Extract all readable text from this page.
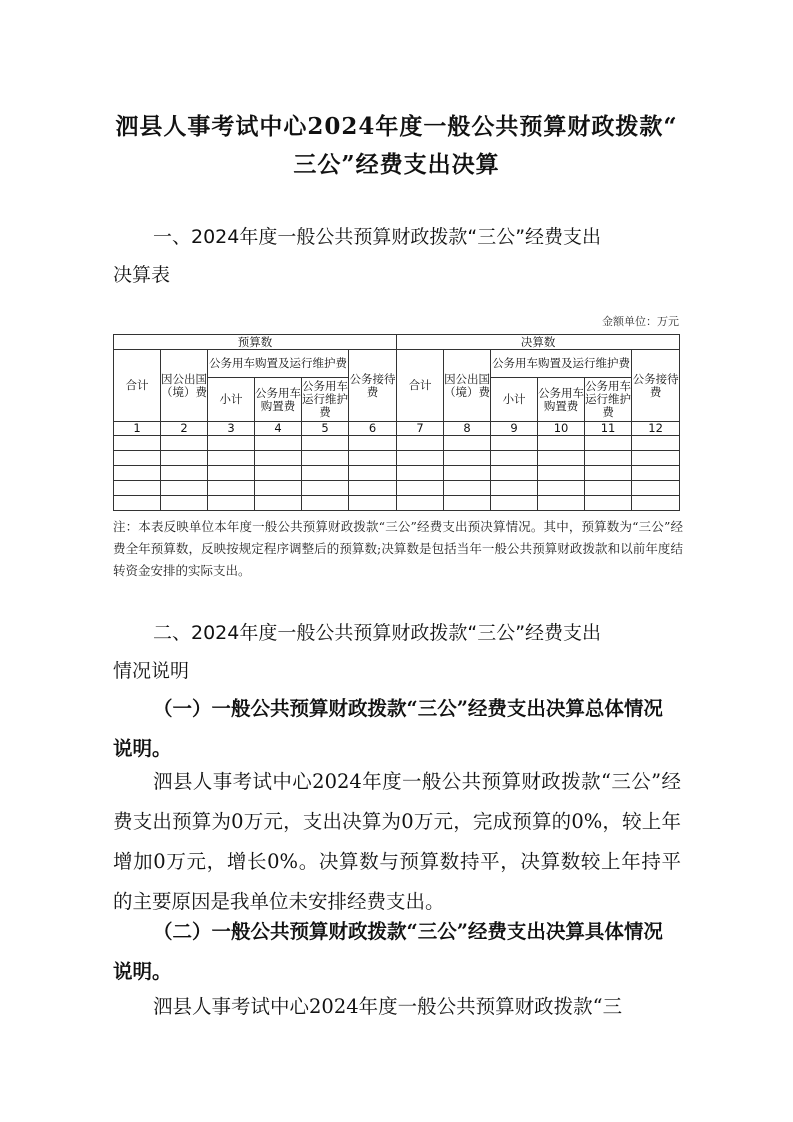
泗县人事考试中心2024年度一般公共预算财政拨款“
三公”经费支出决算
一、2024年度一般公共预算财政拨款“三公”经费支出
决算表
金额单位：万元
预算数						决算数					
合计	因公出国（境）费	公务用车购置及运行维护费			公务接待费	合计	因公出国（境）费	公务用车购置及运行维护费			公务接待费
		小计	公务用车购置费	公务用车运行维护费				小计	公务用车购置费	公务用车运行维护费	
1	2	3	4	5	6	7	8	9	10	11	12

注：本表反映单位本年度一般公共预算财政拨款“三公”经费支出预决算情况。其中，预算数为“三公”经费全年预算数，反映按规定程序调整后的预算数;决算数是包括当年一般公共预算财政拨款和以前年度结转资金安排的实际支出。
二、2024年度一般公共预算财政拨款“三公”经费支出
情况说明
（一）一般公共预算财政拨款“三公”经费支出决算总体情况说明。
泗县人事考试中心2024年度一般公共预算财政拨款“三公”经费支出预算为0万元，支出决算为0万元，完成预算的0%，较上年增加0万元，增长0%。决算数与预算数持平，决算数较上年持平的主要原因是我单位未安排经费支出。
（二）一般公共预算财政拨款“三公”经费支出决算具体情况说明。
泗县人事考试中心2024年度一般公共预算财政拨款“三
